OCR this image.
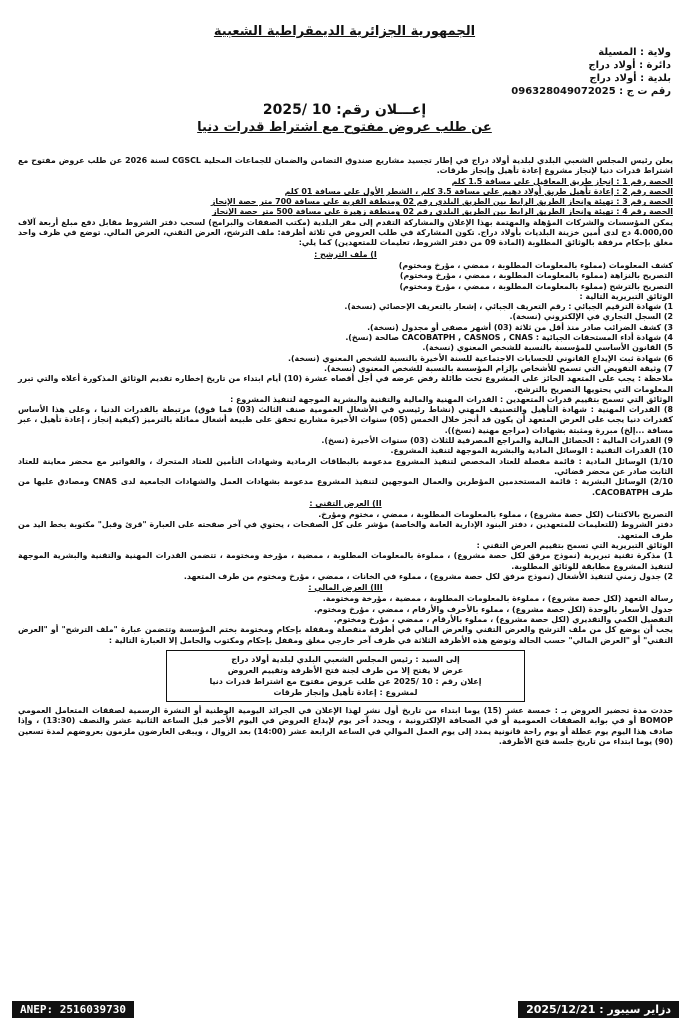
الجمهورية الجزائرية الديمقراطية الشعبية
ولاية : المسيلة
دائرة : أولاد دراج
بلدية : أولاد دراج
رقم ت ج : 096328049072025
إعـــلان رقم: 10 /2025
عن طلب عروض مفتوح مع اشتراط قدرات دنيا

يعلن رئيس المجلس الشعبي البلدي لبلدية أولاد دراج في إطار تجسيد مشاريع صندوق التضامن والضمان للجماعات المحلية CGSCL لسنة 2026 عن طلب عروض مفتوح مع اشتراط قدرات دنيا لإنجاز مشروع إعادة تأهيل وإنجاز طرقات.

الحصة رقم 1 : إنجاز طريق المعاقيل على مسافة 1.5 كلم

الحصة رقم 2 : إعادة تأهيل طريق أولاد دهيم على مسافة 3.5 كلم ، الشطر الأول على مسافة 01 كلم

الحصة رقم 3 : تهيئة وإنجاز الطريق الرابط بين الطريق البلدي رقم 02 ومنطقة القرية على مسافة 700 متر حصة الإنجاز

الحصة رقم 4 : تهيئة وإنجاز الطريق الرابط بين الطريق البلدي رقم 02 ومنطقة زهيرة على مسافة 500 متر حصة الإنجاز

يمكن المؤسسات والشركات المؤهلة والمهتمة بهذا الإعلان والمشاركة التقدم إلى مقر البلدية (مكتب الصفقات والبرامج) لسحب دفتر الشروط مقابل دفع مبلغ أربعة آلاف 4.000,00 دج لدى أمين خزينة البلديات بأولاد دراج. تكون المشاركة في طلب العروض في ثلاثة أظرفة: ملف الترشح، العرض التقني، العرض المالي. توضع في ظرف واحد مغلق بإحكام مرفقة بالوثائق المطلوبة (المادة 09 من دفتر الشروط، تعليمات للمتعهدين) كما يلي:

I) ملف الترشح :

كشف المعلومات (مملوء بالمعلومات المطلوبة ، ممضي ، مؤرخ ومختوم)

التصريح بالنزاهة (مملوء بالمعلومات المطلوبة ، ممضي ، مؤرخ ومختوم)

التصريح بالترشح (مملوء بالمعلومات المطلوبة ، ممضي ، مؤرخ ومختوم)

الوثائق التبريرية التالية :

1) شهادة الترقيم الجبائي : رقم التعريف الجبائي ، إشعار بالتعريف الإحصائي (نسخة).

2) السجل التجاري في الإلكتروني (نسخة).

3) كشف الضرائب صادر منذ أقل من ثلاثة (03) أشهر مصفى أو مجدول (نسخة).

4) شهادة أداء المستحقات الجبائية : CACOBATPH , CASNOS , CNAS صالحة (نسخ).

5) القانون الأساسي للمؤسسة بالنسبة للشخص المعنوي (نسخة).

6) شهادة ثبت الإيداع القانوني للحسابات الاجتماعية للسنة الأخيرة بالنسبة للشخص المعنوي (نسخة).

7) وثيقة التفويض التي تسمح للأشخاص بإلزام المؤسسة بالنسبة للشخص المعنوي (نسخة).

ملاحظة : يجب على المتعهد الحائز على المشروع تحت طائلة رفض عرضه في أجل أقصاه عشرة (10) أيام ابتداء من تاريخ إخطاره تقديم الوثائق المذكورة أعلاه والتي تبرر المعلومات التي يحتويها التصريح بالترشح.

الوثائق التي تسمح بتقييم قدرات المتعهدين : القدرات المهنية والمالية والتقنية والبشرية الموجهة لتنفيذ المشروع :

8) القدرات المهنية : شهادة التأهيل والتصنيف المهني (نشاط رئيسي في الأشغال العمومية صنف الثالث (03) فما فوق) مرتبطة بالقدرات الدنيا ، وعلى هذا الأساس كقدرات دنيا يجب على العرض المتعهد أن يكون قد أنجز خلال الخمس (05) سنوات الأخيرة مشاريع تحقق على طبيعة أشغال مماثلة بالترميز (كيفية إنجاز ، إعادة تأهيل ، عبر مسافة ...إلخ) مبررة ومثبتة بشهادات (مراجع مهنية (نسخ)).

9) القدرات المالية : الحصائل المالية والمراجع المصرفية للثلاث (03) سنوات الأخيرة (نسخ).

10) القدرات التقنية : الوسائل المادية والبشرية الموجهة لتنفيذ المشروع.

1/10) الوسائل المادية : قائمة مفصلة للعتاد المخصص لتنفيذ المشروع مدعومة بالبطاقات الرمادية وشهادات التأمين للعتاد المتحرك ، والفواتير مع محضر معاينة للعتاد الثابت صادر عن محضر قضائي.

2/10) الوسائل البشرية : قائمة المستخدمين المؤطرين والعمال الموجهين لتنفيذ المشروع مدعومة بشهادات العمل والشهادات الجامعية لدى CNAS ومصادق عليها من طرف CACOBATPH.

II) العرض التقني :

التصريح بالاكتتاب (لكل حصة مشروع) ، مملوء بالمعلومات المطلوبة ، ممضي ، مختوم ومؤرخ.

دفتر الشروط (للتعليمات للمتعهدين ، دفتر البنود الإدارية العامة والخاصة) مؤشر على كل الصفحات ، يحتوي في آخر صفحته على العبارة "قرئ وقبل" مكتوبة بخط اليد من طرف المتعهد.

الوثائق التبريرية التي تسمح بتقييم العرض التقني :

1) مذكرة تقنية تبريرية (نموذج مرفق لكل حصة مشروع) ، مملوءة بالمعلومات المطلوبة ، ممضية ، مؤرخة ومختومة ، تتضمن القدرات المهنية والتقنية والبشرية الموجهة لتنفيذ المشروع مطابقة للوثائق المطلوبة.

2) جدول زمني لتنفيذ الأشغال (نموذج مرفق لكل حصة مشروع) ، مملوء في الخانات ، ممضي ، مؤرخ ومختوم من طرف المتعهد.

III) العرض المالي :

رسالة التعهد (لكل حصة مشروع) ، مملوءة بالمعلومات المطلوبة ، ممضية ، مؤرخة ومختومة.

جدول الأسعار بالوحدة (لكل حصة مشروع) ، مملوء بالأحرف والأرقام ، ممضي ، مؤرخ ومختوم.

التفصيل الكمي والتقديري (لكل حصة مشروع) ، مملوء بالأرقام ، ممضي ، مؤرخ ومختوم.

يجب أن يوضع كل من ملف الترشح والعرض التقني والعرض المالي في أظرفة منفصلة ومقفلة بإحكام ومختومة بختم المؤسسة وتتضمن عبارة "ملف الترشح" أو "العرض التقني" أو "العرض المالي" حسب الحالة وتوضع هذه الأظرفة الثلاثة في ظرف آخر خارجي مغلق ومقفل بإحكام ومكتوب والحامل إلا العبارة التالية :

إلى السيد : رئيس المجلس الشعبي البلدي لبلدية أولاد دراج
عرض لا يفتح إلا من طرف لجنة فتح الأظرفة وتقييم العروض
إعلان رقم : 10 /2025 عن طلب عروض مفتوح مع اشتراط قدرات دنيا
لمشروع : إعادة تأهيل وإنجاز طرقات

حددت مدة تحضير العروض بـ : خمسة عشر (15) يوما ابتداء من تاريخ أول نشر لهذا الإعلان في الجرائد اليومية الوطنية أو النشرة الرسمية لصفقات المتعامل العمومي BOMOP أو في بوابة الصفقات العمومية أو في الصحافة الإلكترونية ، ويحدد آخر يوم لإيداع العروض في اليوم الأخير قبل الساعة الثانية عشر والنصف (13:30) ، وإذا صادف هذا اليوم يوم عطلة أو يوم راحة قانونية يمدد إلى يوم العمل الموالي في الساعة الرابعة عشر (14:00) بعد الزوال ، ويبقى العارضون ملزمون بعروضهم لمدة تسعين (90) يوما ابتداء من تاريخ جلسة فتح الأظرفة.

ANEP: 2516039730	دزاير سيبور : 2025/12/21
